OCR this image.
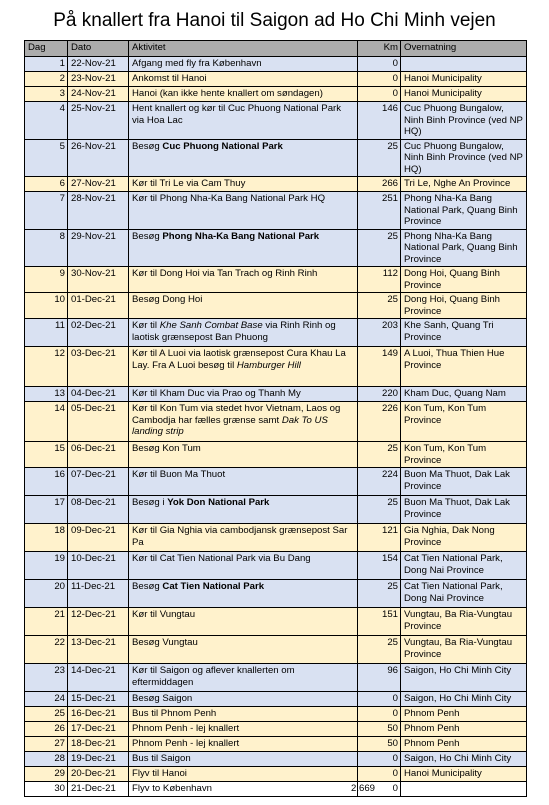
På knallert fra Hanoi til Saigon ad Ho Chi Minh vejen
Dag	Dato	Aktivitet	Km	Overnatning
1	22-Nov-21	Afgang med fly fra København	0	
2	23-Nov-21	Ankomst til Hanoi	0	Hanoi Municipality
3	24-Nov-21	Hanoi (kan ikke hente knallert om søndagen)	0	Hanoi Municipality
4	25-Nov-21	Hent knallert og kør til Cuc Phuong National Park via Hoa Lac	146	Cuc Phuong Bungalow, Ninh Binh Province (ved NP HQ)
5	26-Nov-21	Besøg Cuc Phuong National Park	25	Cuc Phuong Bungalow, Ninh Binh Province (ved NP HQ)
6	27-Nov-21	Kør til Tri Le via Cam Thuy	266	Tri Le, Nghe An Province
7	28-Nov-21	Kør til Phong Nha-Ka Bang National Park HQ	251	Phong Nha-Ka Bang National Park, Quang Binh Province
8	29-Nov-21	Besøg Phong Nha-Ka Bang National Park	25	Phong Nha-Ka Bang National Park, Quang Binh Province
9	30-Nov-21	Kør til Dong Hoi via Tan Trach og Rinh Rinh	112	Dong Hoi, Quang Binh Province
10	01-Dec-21	Besøg Dong Hoi	25	Dong Hoi, Quang Binh Province
11	02-Dec-21	Kør til Khe Sanh Combat Base via Rinh Rinh og laotisk grænsepost Ban Phuong	203	Khe Sanh, Quang Tri Province
12	03-Dec-21	Kør til A Luoi via laotisk grænsepost Cura Khau La Lay. Fra A Luoi besøg til Hamburger Hill	149	A Luoi, Thua Thien Hue Province
13	04-Dec-21	Kør til Kham Duc via Prao og Thanh My	220	Kham Duc, Quang Nam
14	05-Dec-21	Kør til Kon Tum via stedet hvor Vietnam, Laos og Cambodja har fælles grænse samt Dak To US landing strip	226	Kon Tum, Kon Tum Province
15	06-Dec-21	Besøg Kon Tum	25	Kon Tum, Kon Tum Province
16	07-Dec-21	Kør til Buon Ma Thuot	224	Buon Ma Thuot, Dak Lak Province
17	08-Dec-21	Besøg i Yok Don National Park	25	Buon Ma Thuot, Dak Lak Province
18	09-Dec-21	Kør til Gia Nghia via cambodjansk grænsepost Sar Pa	121	Gia Nghia, Dak Nong Province
19	10-Dec-21	Kør til Cat Tien National Park via Bu Dang	154	Cat Tien National Park, Dong Nai Province
20	11-Dec-21	Besøg Cat Tien National Park	25	Cat Tien National Park, Dong Nai Province
21	12-Dec-21	Kør til Vungtau	151	Vungtau, Ba Ria-Vungtau Province
22	13-Dec-21	Besøg Vungtau	25	Vungtau, Ba Ria-Vungtau Province
23	14-Dec-21	Kør til Saigon og aflever knallerten om eftermiddagen	96	Saigon, Ho Chi Minh City
24	15-Dec-21	Besøg Saigon	0	Saigon, Ho Chi Minh City
25	16-Dec-21	Bus til Phnom Penh	0	Phnom Penh
26	17-Dec-21	Phnom Penh - lej knallert	50	Phnom Penh
27	18-Dec-21	Phnom Penh - lej knallert	50	Phnom Penh
28	19-Dec-21	Bus til Saigon	0	Saigon, Ho Chi Minh City
29	20-Dec-21	Flyv til Hanoi	0	Hanoi Municipality
30	21-Dec-21	Flyv to København	0	
2.669
